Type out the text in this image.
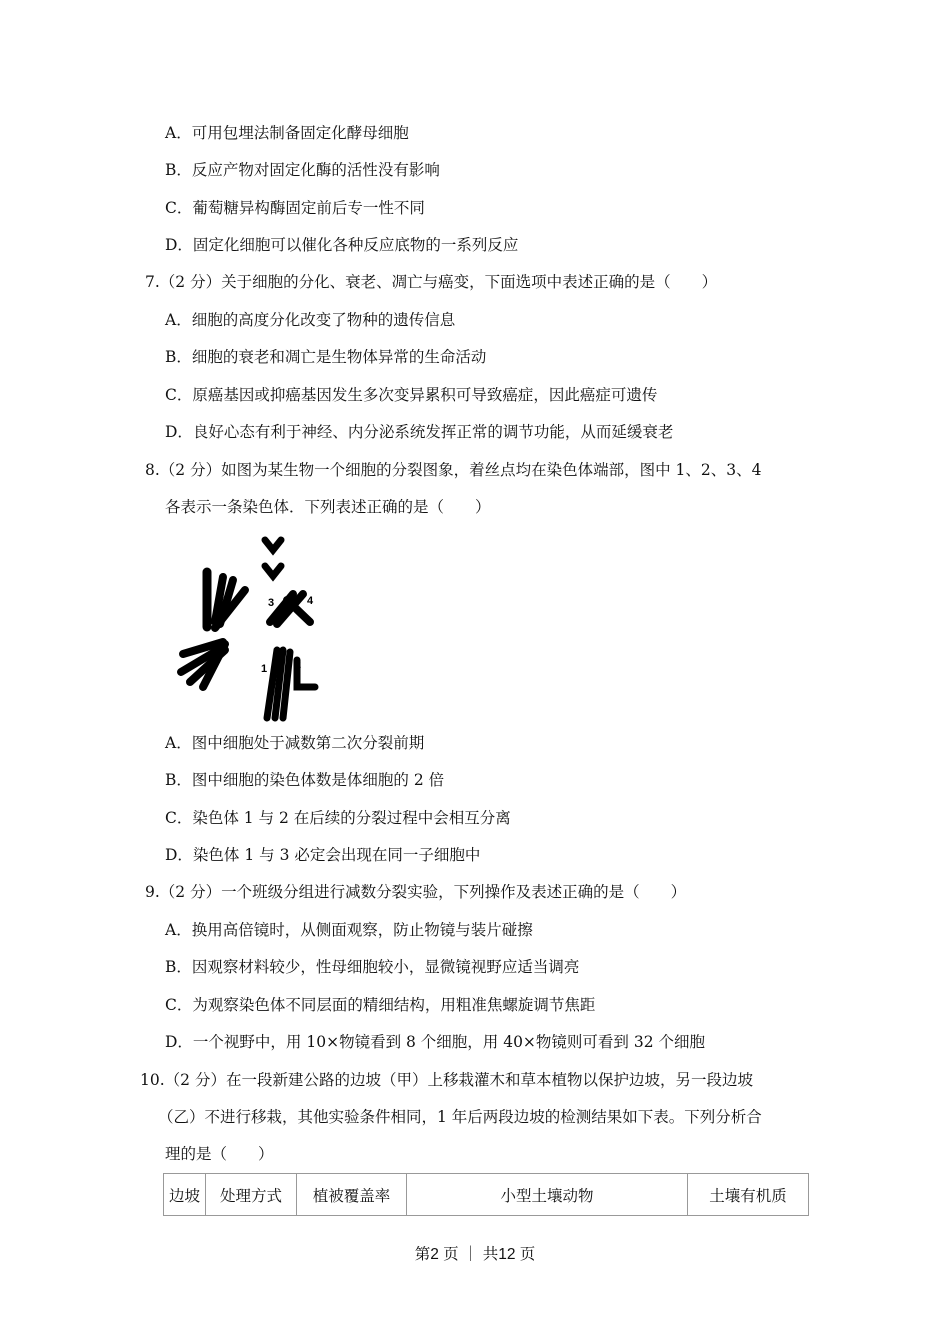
A．可用包埋法制备固定化酵母细胞
B．反应产物对固定化酶的活性没有影响
C．葡萄糖异构酶固定前后专一性不同
D．固定化细胞可以催化各种反应底物的一系列反应
7.（2 分）关于细胞的分化、衰老、凋亡与癌变，下面选项中表述正确的是（　　）
A．细胞的高度分化改变了物种的遗传信息
B．细胞的衰老和凋亡是生物体异常的生命活动
C．原癌基因或抑癌基因发生多次变异累积可导致癌症，因此癌症可遗传
D．良好心态有利于神经、内分泌系统发挥正常的调节功能，从而延缓衰老
8.（2 分）如图为某生物一个细胞的分裂图象，着丝点均在染色体端部，图中 1、2、3、4
各表示一条染色体．下列表述正确的是（　　）
3	4
1	2
A．图中细胞处于减数第二次分裂前期
B．图中细胞的染色体数是体细胞的 2 倍
C．染色体 1 与 2 在后续的分裂过程中会相互分离
D．染色体 1 与 3 必定会出现在同一子细胞中
9.（2 分）一个班级分组进行减数分裂实验，下列操作及表述正确的是（　　）
A．换用高倍镜时，从侧面观察，防止物镜与装片碰擦
B．因观察材料较少，性母细胞较小，显微镜视野应适当调亮
C．为观察染色体不同层面的精细结构，用粗准焦螺旋调节焦距
D．一个视野中，用 10×物镜看到 8 个细胞，用 40×物镜则可看到 32 个细胞
10.（2 分）在一段新建公路的边坡（甲）上移栽灌木和草本植物以保护边坡，另一段边坡
（乙）不进行移栽，其他实验条件相同，1 年后两段边坡的检测结果如下表。下列分析合
理的是（　　）
边坡	处理方式	植被覆盖率	小型土壤动物	土壤有机质
第2 页 ｜ 共12 页
